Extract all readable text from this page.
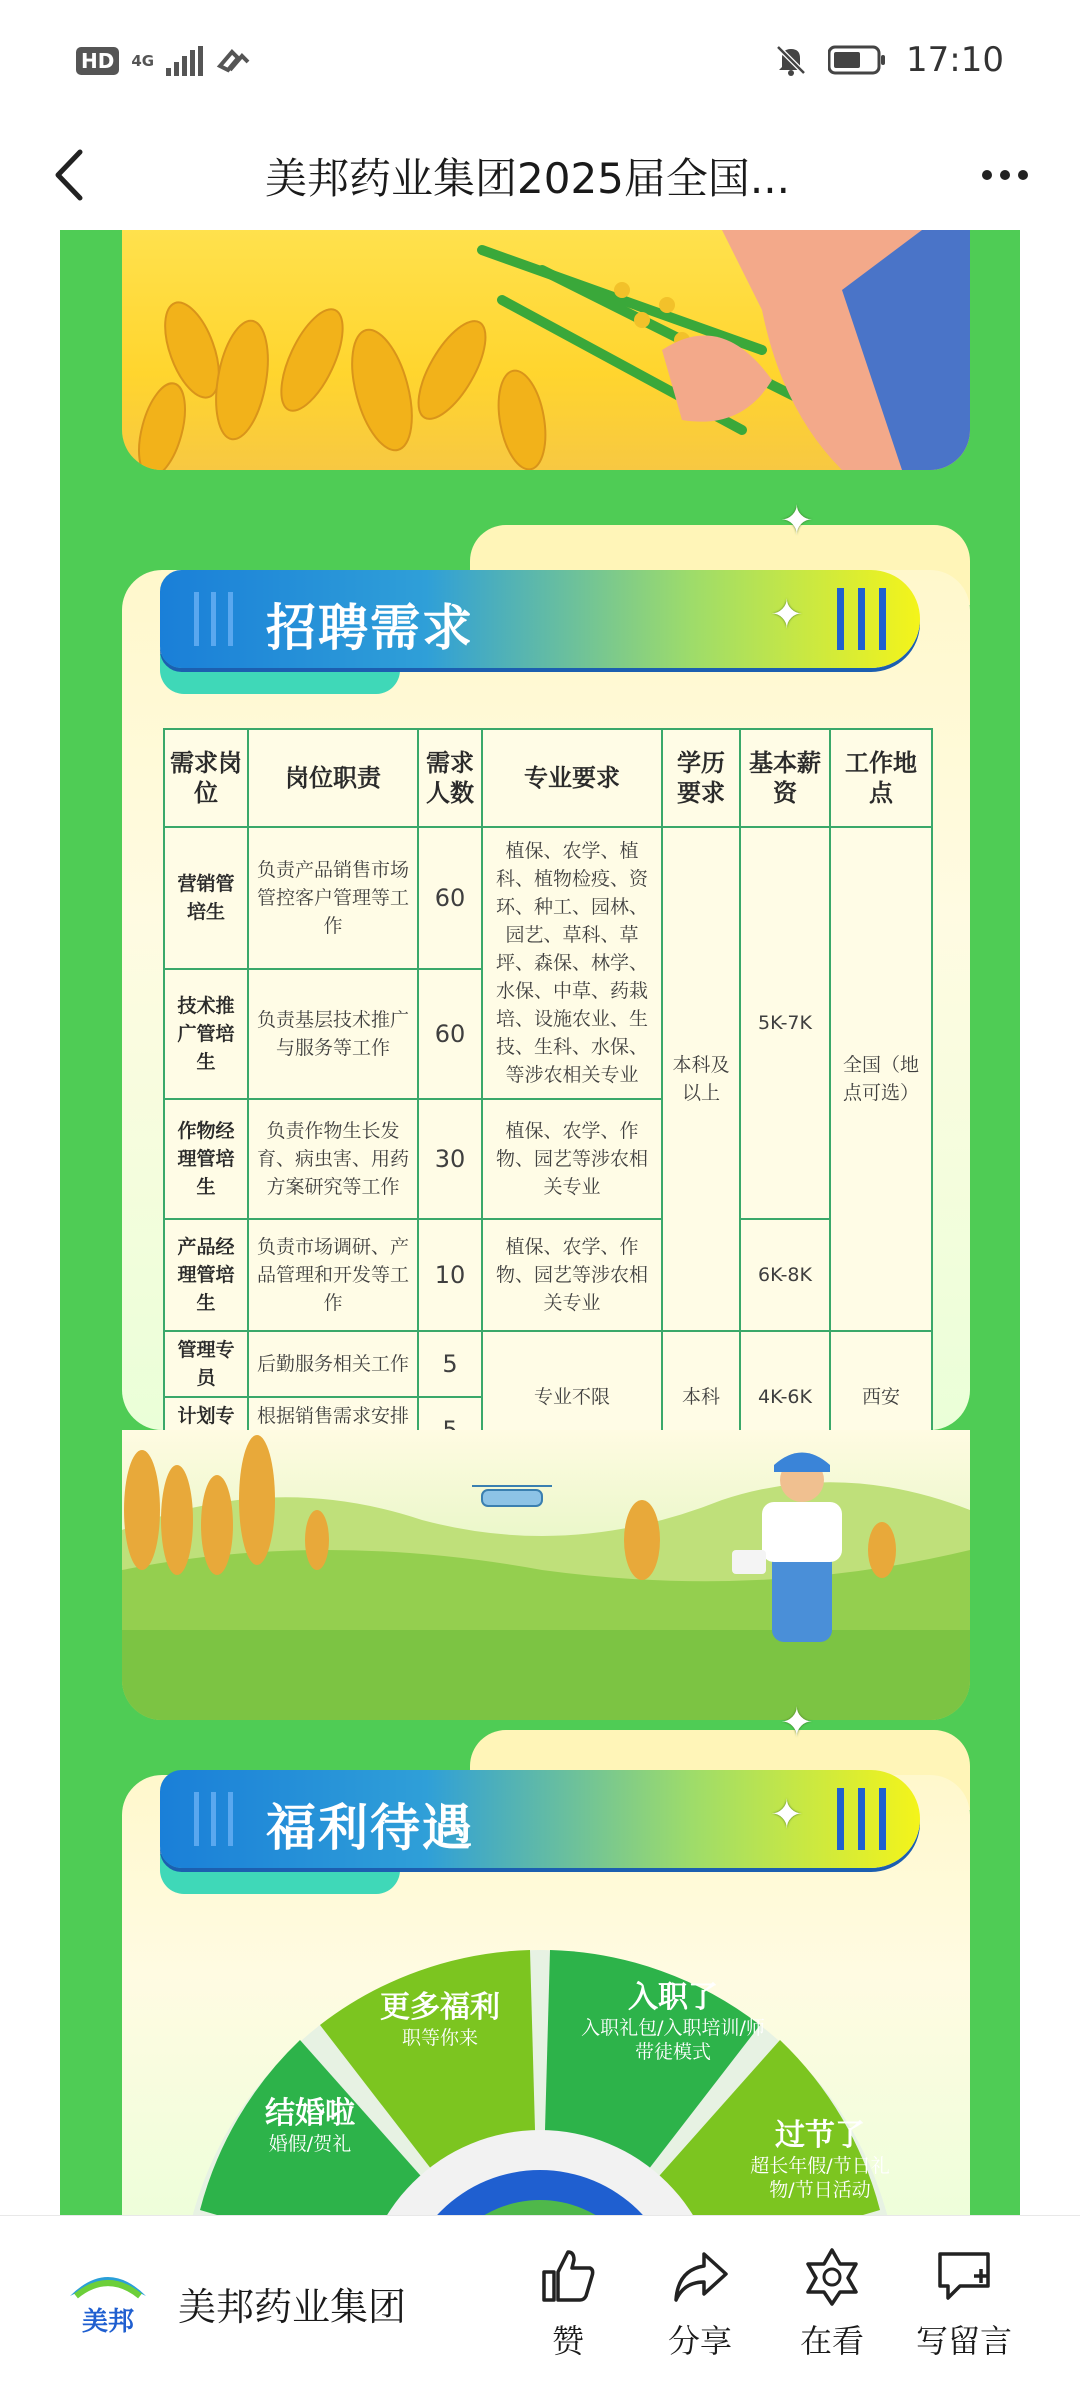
HD	4G	17:10
美邦药业集团2025届全国...
✦
招聘需求	✦
需求岗位	岗位职责	需求人数	专业要求	学历要求	基本薪资	工作地点
营销管培生	负责产品销售市场管控客户管理等工作	60	植保、农学、植科、植物检疫、资环、种工、园林、园艺、草科、草坪、森保、林学、水保、中草、药栽培、设施农业、生技、生科、水保、等涉农相关专业	本科及以上	5K-7K	全国（地点可选）
技术推广管培生	负责基层技术推广与服务等工作	60				
作物经理管培生	负责作物生长发育、病虫害、用药方案研究等工作	30	植保、农学、作物、园艺等涉农相关专业			
产品经理管培生	负责市场调研、产品管理和开发等工作	10	植保、农学、作物、园艺等涉农相关专业		6K-8K	
管理专员	后勤服务相关工作	5	专业不限	本科	4K-6K	西安
计划专	根据销售需求安排	
✦
福利待遇	✦
结婚啦
婚假/贺礼
更多福利
职等你来
入职了
入职礼包/入职培训/师带徒模式
过节了
超长年假/节日礼物/节日活动
美邦 美邦药业集团
赞	分享	在看	写留言
